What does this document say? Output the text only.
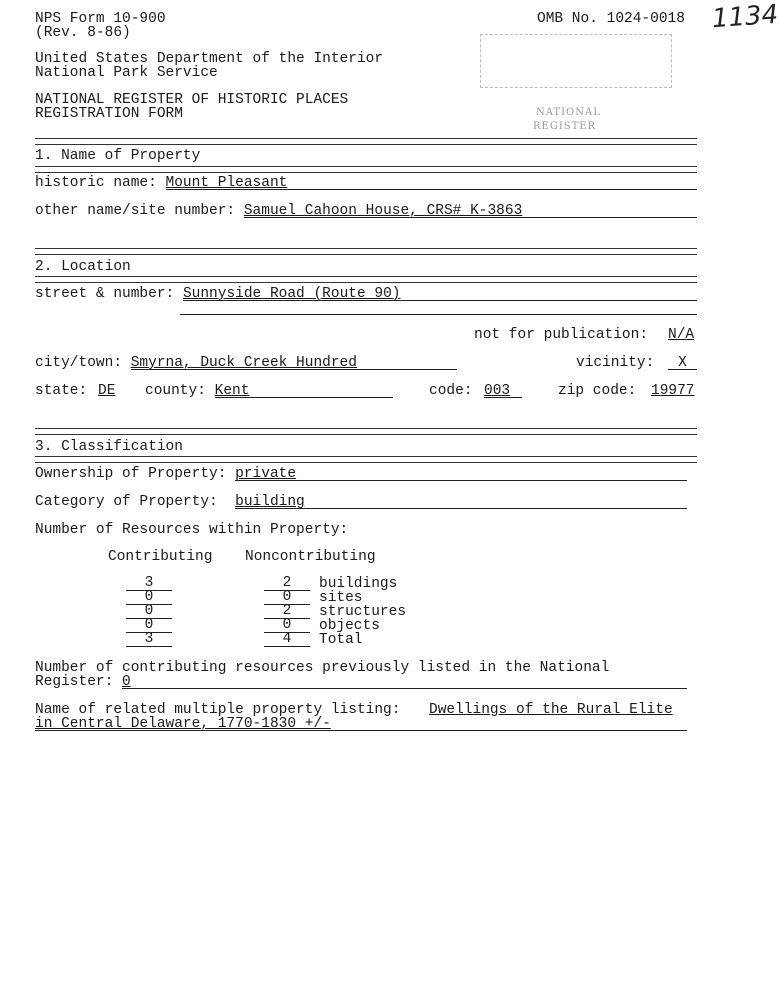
NPS Form 10-900
(Rev. 8-86)
OMB No. 1024-0018 1134
NATIONAL
REGISTER
United States Department of the Interior
National Park Service
NATIONAL REGISTER OF HISTORIC PLACES
REGISTRATION FORM
1. Name of Property
historic name:
Mount Pleasant
other name/site number:
Samuel Cahoon House, CRS# K-3863
2. Location
street & number:
Sunnyside Road (Route 90)
not for publication: N/A
city/town:
Smyrna, Duck Creek Hundred	vicinity:	X
state: DE county:
Kent	code: 003	zip code: 19977
3. Classification
Ownership of Property:
private
Category of Property:
building
Number of Resources within Property:
Contributing Noncontributing
3	2	buildings
0	0	sites
0	2	structures
0	0	objects
3	4	Total
Number of contributing resources previously listed in the National
Register:
0
Name of related multiple property listing: Dwellings of the Rural Elite
in Central Delaware, 1770-1830 +/-
